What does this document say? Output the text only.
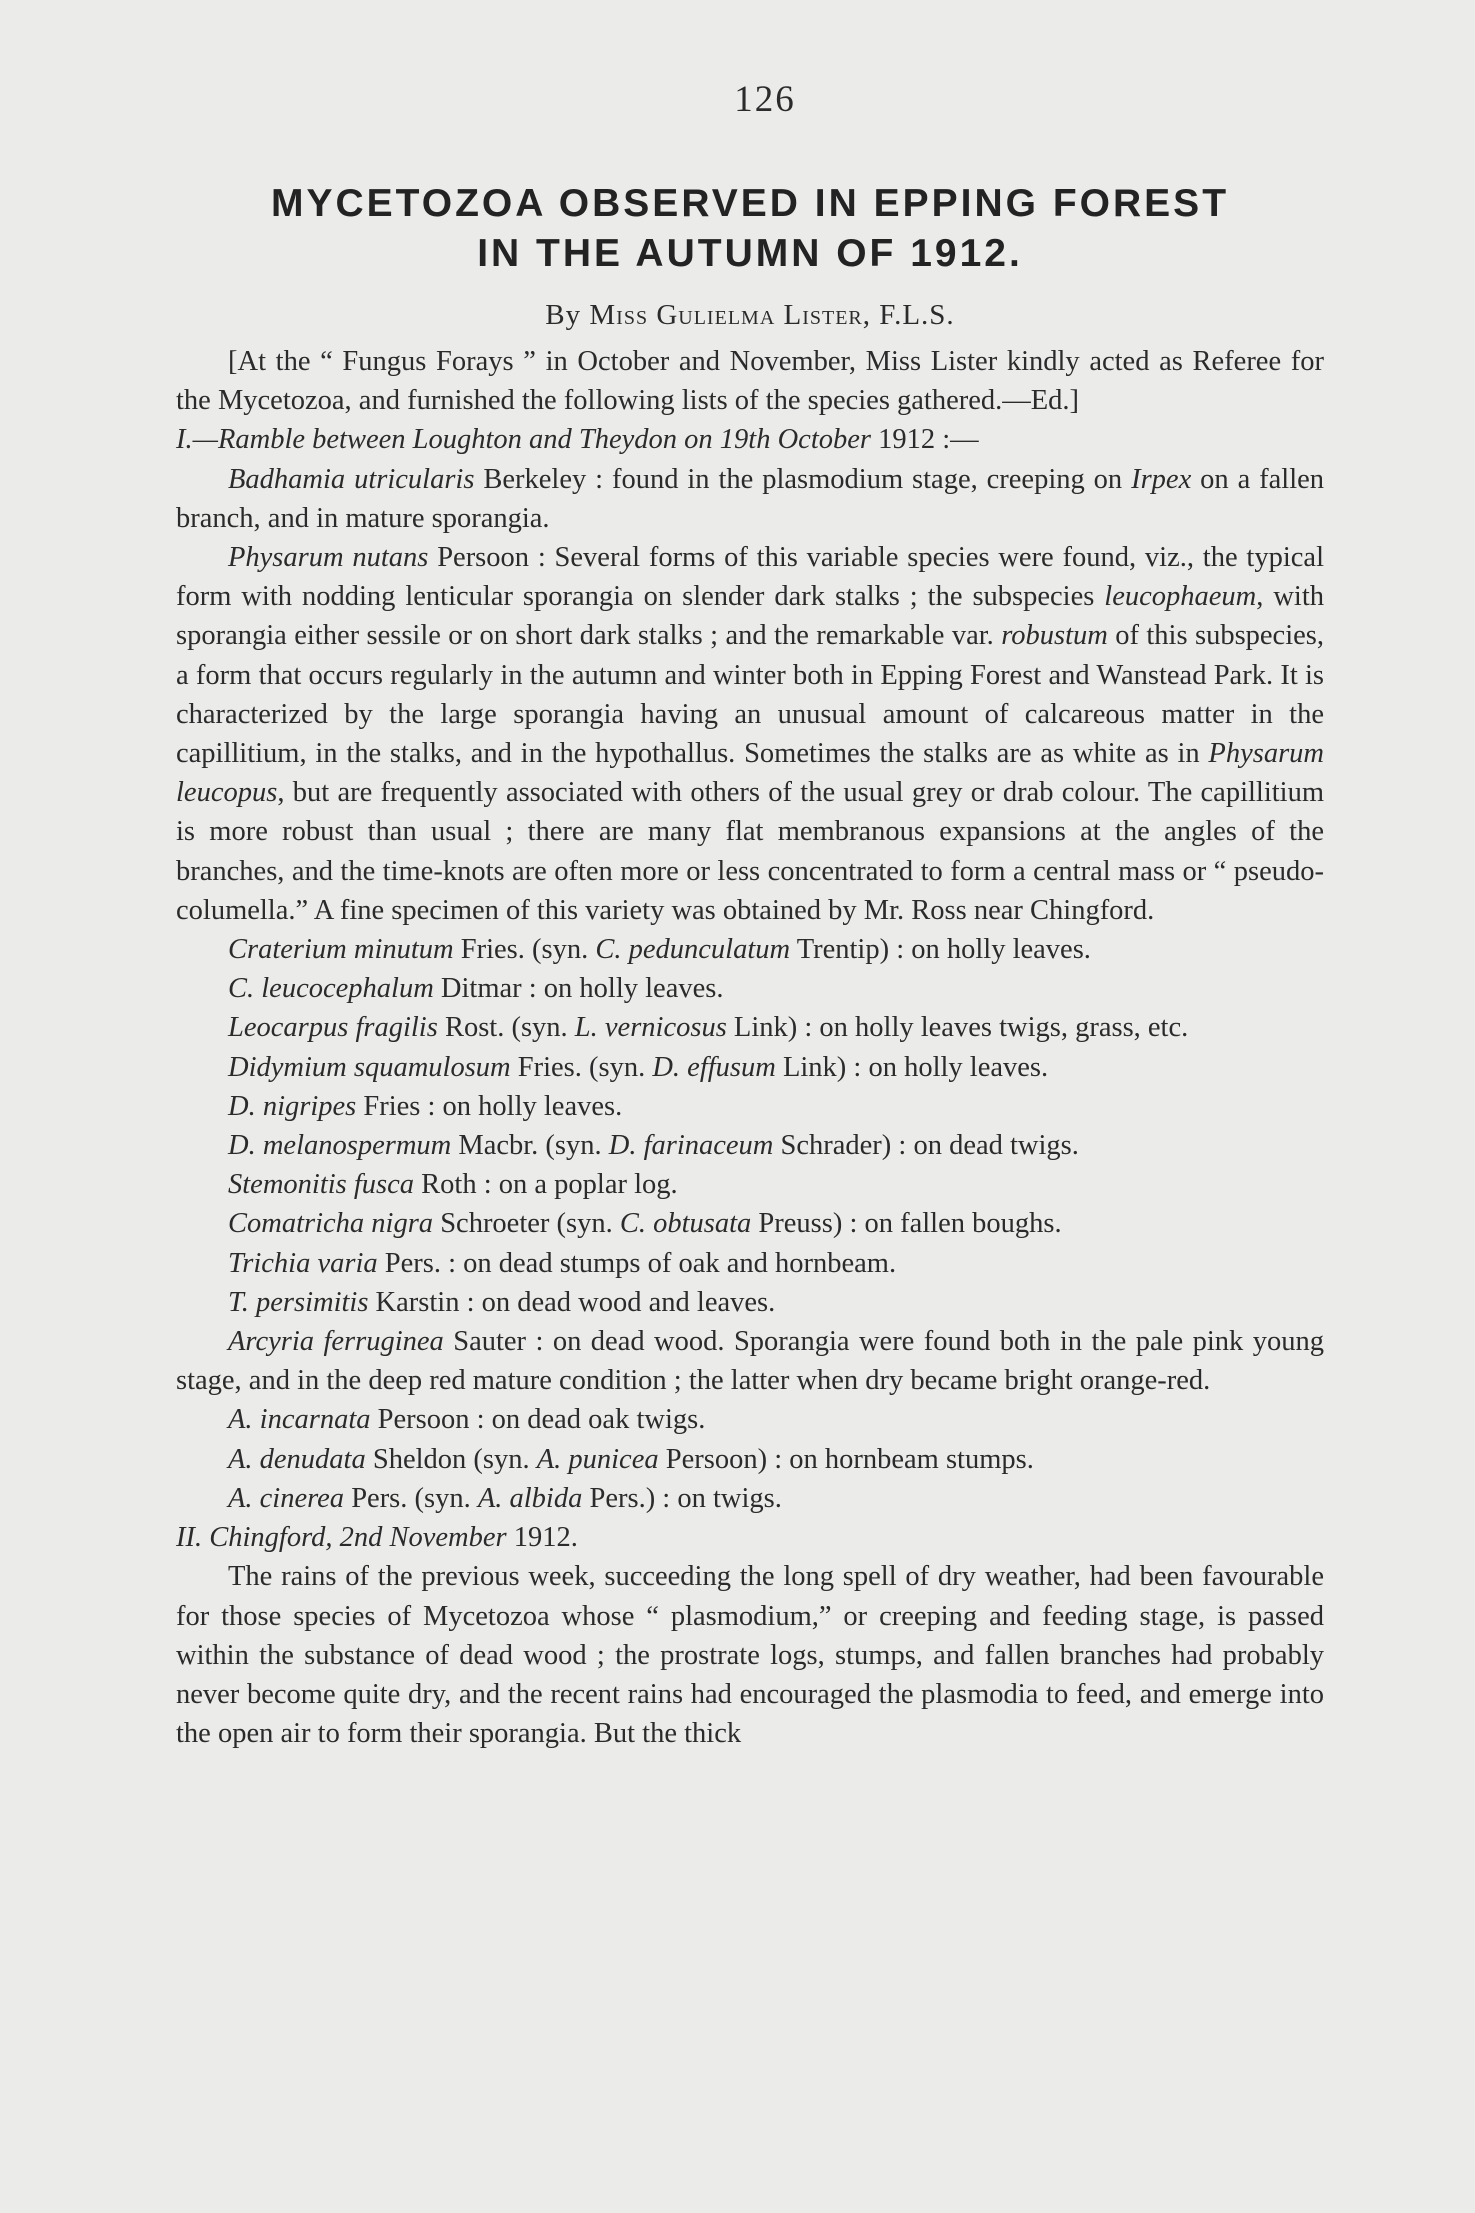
126
MYCETOZOA OBSERVED IN EPPING FOREST
IN THE AUTUMN OF 1912.
By Miss Gulielma Lister, F.L.S.

[At the “ Fungus Forays ” in October and November, Miss Lister kindly acted as Referee for the Mycetozoa, and furnished the following lists of the species gathered.—Ed.]

I.—Ramble between Loughton and Theydon on 19th October 1912 :—

Badhamia utricularis Berkeley : found in the plasmodium stage, creeping on Irpex on a fallen branch, and in mature sporangia.

Physarum nutans Persoon : Several forms of this variable species were found, viz., the typical form with nodding lenticular sporangia on slender dark stalks ; the subspecies leucophaeum, with sporangia either sessile or on short dark stalks ; and the remarkable var. robustum of this subspecies, a form that occurs regularly in the autumn and winter both in Epping Forest and Wanstead Park. It is characterized by the large sporangia having an unusual amount of calcareous matter in the capillitium, in the stalks, and in the hypothallus. Sometimes the stalks are as white as in Physarum leucopus, but are frequently associated with others of the usual grey or drab colour. The capillitium is more robust than usual ; there are many flat membranous expansions at the angles of the branches, and the time-knots are often more or less concentrated to form a central mass or “ pseudo-columella.” A fine specimen of this variety was obtained by Mr. Ross near Chingford.

Craterium minutum Fries. (syn. C. pedunculatum Trentip) : on holly leaves.

C. leucocephalum Ditmar : on holly leaves.

Leocarpus fragilis Rost. (syn. L. vernicosus Link) : on holly leaves twigs, grass, etc.

Didymium squamulosum Fries. (syn. D. effusum Link) : on holly leaves.

D. nigripes Fries : on holly leaves.

D. melanospermum Macbr. (syn. D. farinaceum Schrader) : on dead twigs.

Stemonitis fusca Roth : on a poplar log.

Comatricha nigra Schroeter (syn. C. obtusata Preuss) : on fallen boughs.

Trichia varia Pers. : on dead stumps of oak and hornbeam.

T. persimitis Karstin : on dead wood and leaves.

Arcyria ferruginea Sauter : on dead wood. Sporangia were found both in the pale pink young stage, and in the deep red mature condition ; the latter when dry became bright orange-red.

A. incarnata Persoon : on dead oak twigs.

A. denudata Sheldon (syn. A. punicea Persoon) : on hornbeam stumps.

A. cinerea Pers. (syn. A. albida Pers.) : on twigs.

II. Chingford, 2nd November 1912.

The rains of the previous week, succeeding the long spell of dry weather, had been favourable for those species of Mycetozoa whose “ plasmodium,” or creeping and feeding stage, is passed within the substance of dead wood ; the prostrate logs, stumps, and fallen branches had probably never become quite dry, and the recent rains had encouraged the plasmodia to feed, and emerge into the open air to form their sporangia. But the thick
